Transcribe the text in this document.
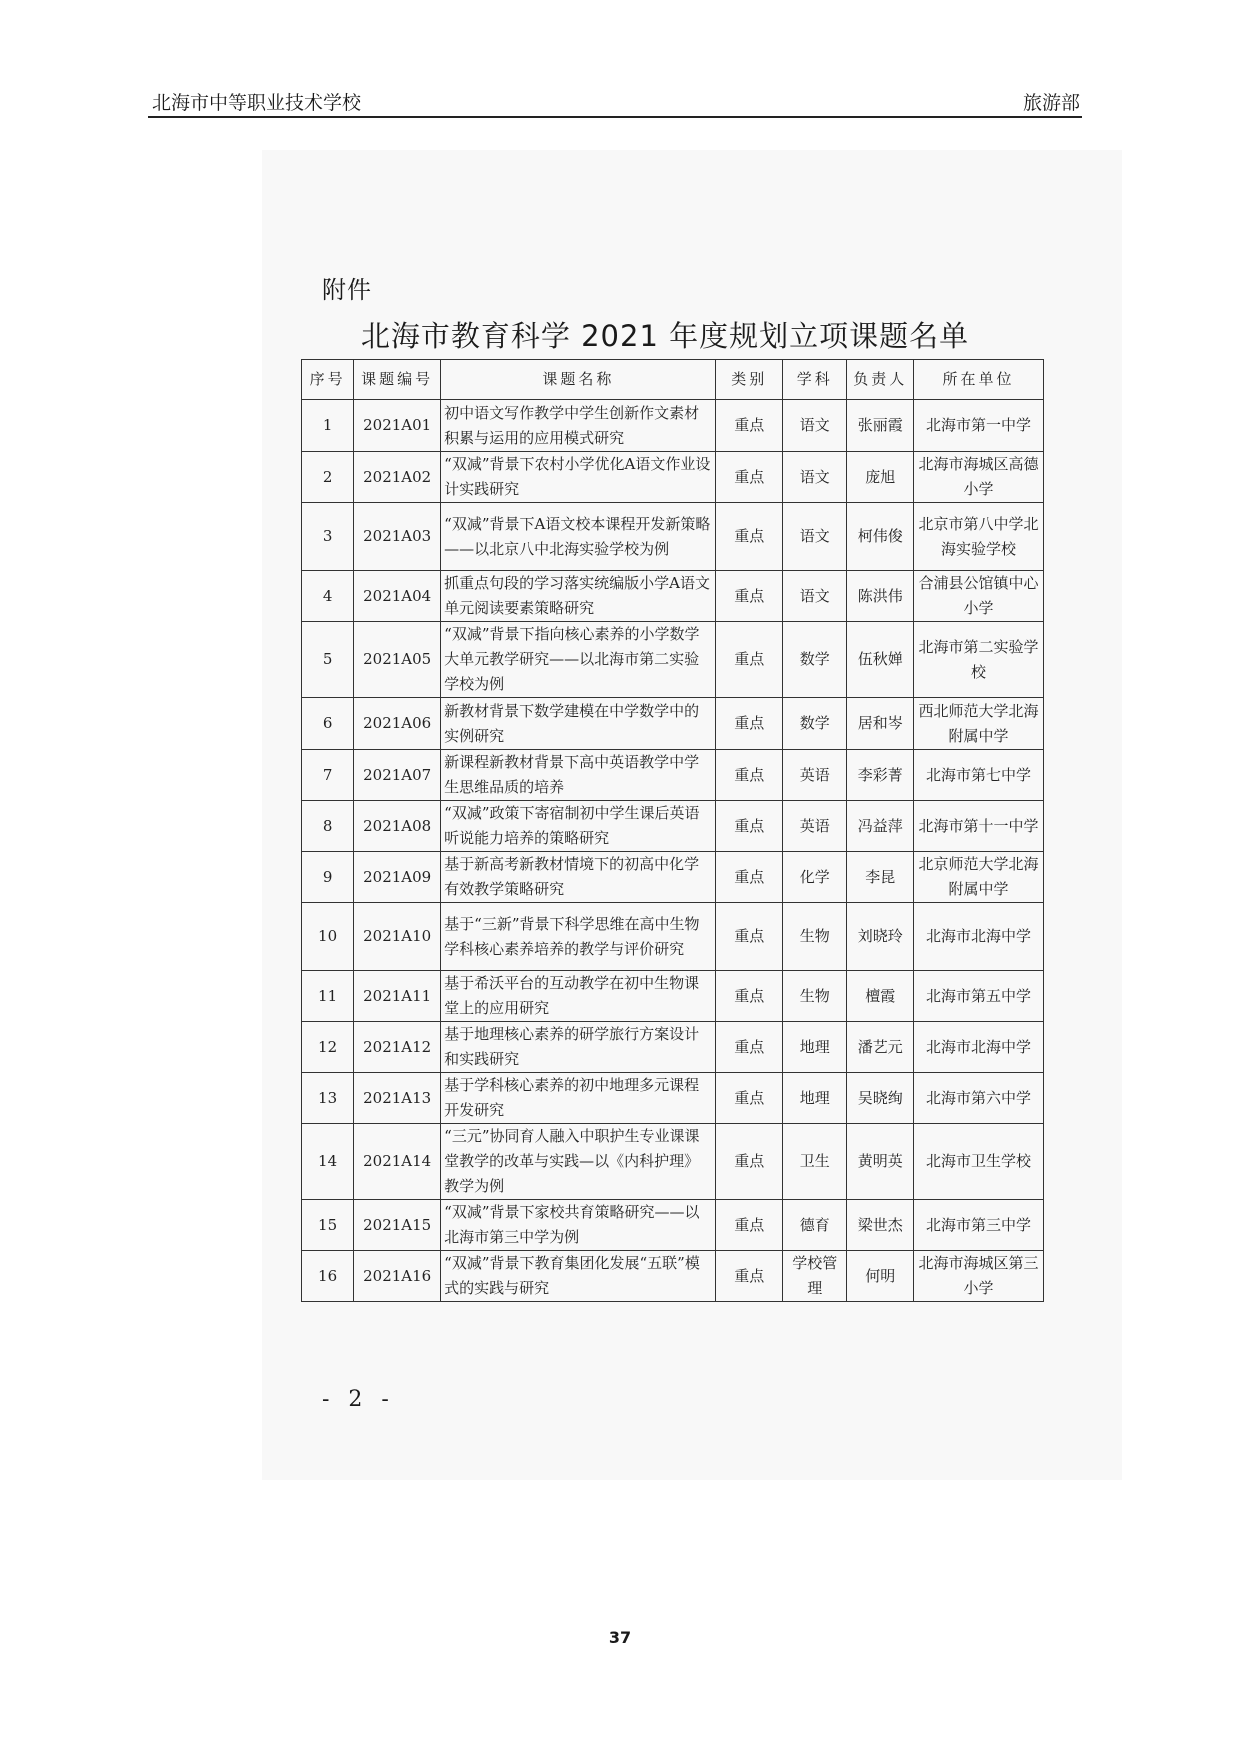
北海市中等职业技术学校	旅游部
附件
北海市教育科学 2021 年度规划立项课题名单
序号	课题编号	课题名称	类别	学科	负责人	所在单位
1	2021A01	初中语文写作教学中学生创新作文素材积累与运用的应用模式研究	重点	语文	张丽霞	北海市第一中学
2	2021A02	“双减”背景下农村小学优化A语文作业设计实践研究	重点	语文	庞旭	北海市海城区高德小学
3	2021A03	“双减”背景下A语文校本课程开发新策略——以北京八中北海实验学校为例	重点	语文	柯伟俊	北京市第八中学北海实验学校
4	2021A04	抓重点句段的学习落实统编版小学A语文单元阅读要素策略研究	重点	语文	陈洪伟	合浦县公馆镇中心小学
5	2021A05	“双减”背景下指向核心素养的小学数学大单元教学研究——以北海市第二实验学校为例	重点	数学	伍秋婵	北海市第二实验学校
6	2021A06	新教材背景下数学建模在中学数学中的实例研究	重点	数学	居和岑	西北师范大学北海附属中学
7	2021A07	新课程新教材背景下高中英语教学中学生思维品质的培养	重点	英语	李彩菁	北海市第七中学
8	2021A08	“双减”政策下寄宿制初中学生课后英语听说能力培养的策略研究	重点	英语	冯益萍	北海市第十一中学
9	2021A09	基于新高考新教材情境下的初高中化学有效教学策略研究	重点	化学	李昆	北京师范大学北海附属中学
10	2021A10	基于“三新”背景下科学思维在高中生物学科核心素养培养的教学与评价研究	重点	生物	刘晓玲	北海市北海中学
11	2021A11	基于希沃平台的互动教学在初中生物课堂上的应用研究	重点	生物	檀霞	北海市第五中学
12	2021A12	基于地理核心素养的研学旅行方案设计和实践研究	重点	地理	潘艺元	北海市北海中学
13	2021A13	基于学科核心素养的初中地理多元课程开发研究	重点	地理	吴晓绚	北海市第六中学
14	2021A14	“三元”协同育人融入中职护生专业课课堂教学的改革与实践—以《内科护理》教学为例	重点	卫生	黄明英	北海市卫生学校
15	2021A15	“双减”背景下家校共育策略研究——以北海市第三中学为例	重点	德育	梁世杰	北海市第三中学
16	2021A16	“双减”背景下教育集团化发展“五联”模式的实践与研究	重点	学校管理	何明	北海市海城区第三小学
- 2 -
37
